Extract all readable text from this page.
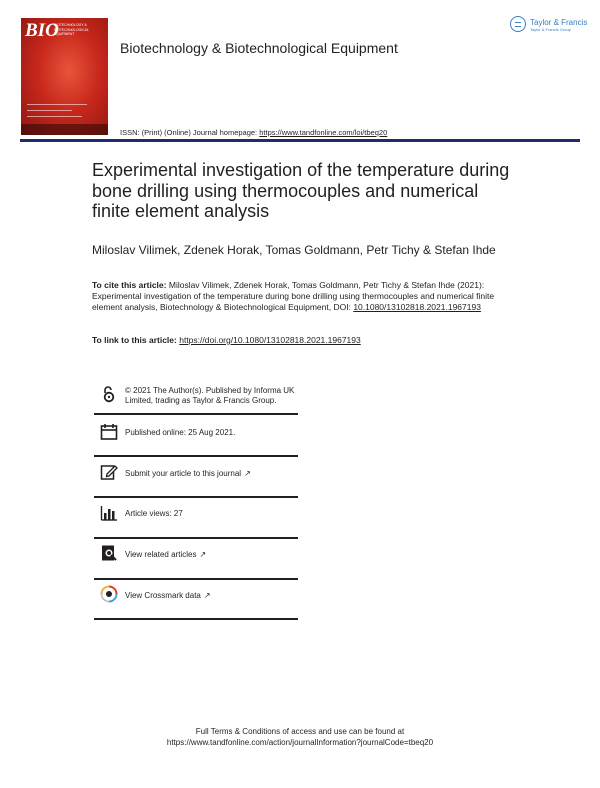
BIO
BIOTECHNOLOGY & BIOTECHNOLOGICAL EQUIPMENT
Biotechnology & Biotechnological Equipment
Taylor & Francis
Taylor & Francis Group
ISSN: (Print) (Online) Journal homepage: https://www.tandfonline.com/loi/tbeq20
Experimental investigation of the temperature during bone drilling using thermocouples and numerical finite element analysis
Miloslav Vilimek, Zdenek Horak, Tomas Goldmann, Petr Tichy & Stefan Ihde
To cite this article: Miloslav Vilimek, Zdenek Horak, Tomas Goldmann, Petr Tichy & Stefan Ihde (2021): Experimental investigation of the temperature during bone drilling using thermocouples and numerical finite element analysis, Biotechnology & Biotechnological Equipment, DOI: 10.1080/13102818.2021.1967193
To link to this article: https://doi.org/10.1080/13102818.2021.1967193
© 2021 The Author(s). Published by Informa UK Limited, trading as Taylor & Francis Group.
Published online: 25 Aug 2021.
Submit your article to this journal ↗
Article views: 27
View related articles ↗
View Crossmark data ↗
Full Terms & Conditions of access and use can be found at
https://www.tandfonline.com/action/journalInformation?journalCode=tbeq20
